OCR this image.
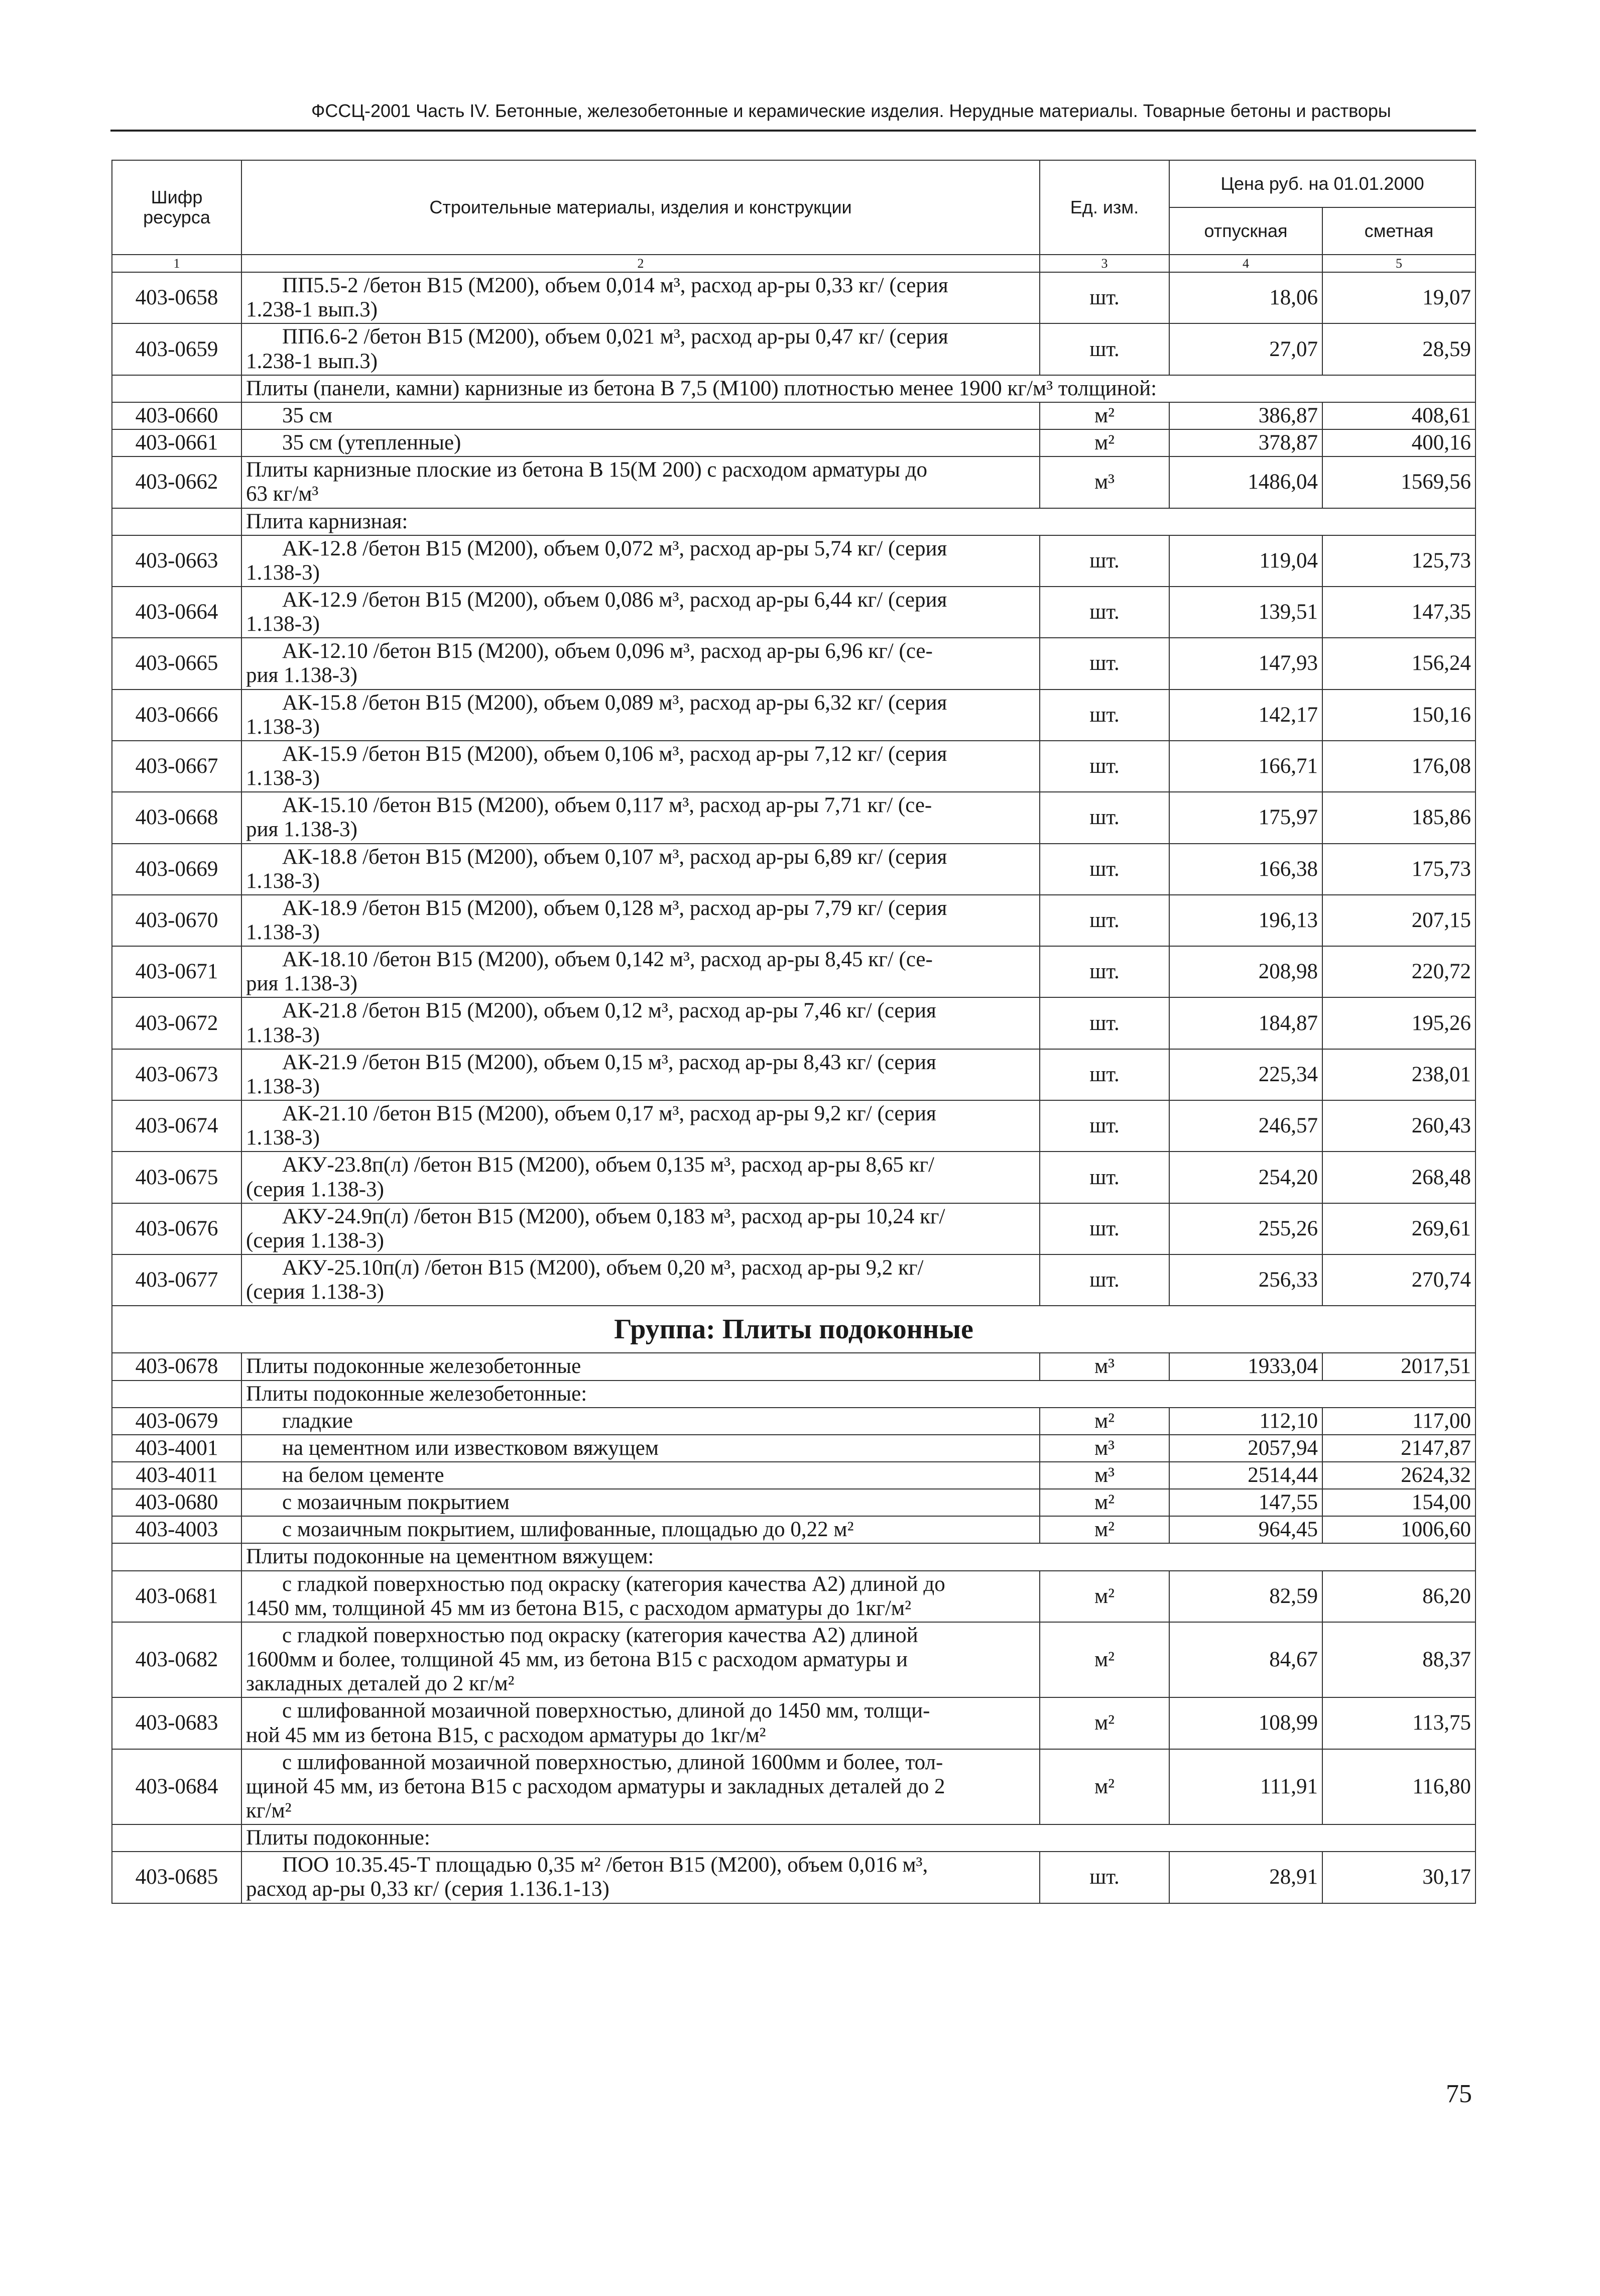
ФССЦ-2001 Часть IV. Бетонные, железобетонные и керамические изделия. Нерудные материалы. Товарные бетоны и растворы
Шифр ресурса	Строительные материалы, изделия и конструкции	Ед. изм.	Цена руб. на 01.01.2000	
			отпускная	сметная
1	2	3	4	5
403-0658	ПП5.5-2 /бетон В15 (М200), объем 0,014 м³, расход ар-ры 0,33 кг/ (серия
1.238-1 вып.3)	шт.	18,06	19,07
403-0659	ПП6.6-2 /бетон В15 (М200), объем 0,021 м³, расход ар-ры 0,47 кг/ (серия
1.238-1 вып.3)	шт.	27,07	28,59
	Плиты (панели, камни) карнизные из бетона В 7,5 (М100) плотностью менее 1900 кг/м³ толщиной:			
403-0660	35 см	м²	386,87	408,61
403-0661	35 см (утепленные)	м²	378,87	400,16
403-0662	Плиты карнизные плоские из бетона В 15(М 200) с расходом арматуры до
63 кг/м³	м³	1486,04	1569,56
	Плита карнизная:			
403-0663	АК-12.8 /бетон В15 (М200), объем 0,072 м³, расход ар-ры 5,74 кг/ (серия
1.138-3)	шт.	119,04	125,73
403-0664	АК-12.9 /бетон В15 (М200), объем 0,086 м³, расход ар-ры 6,44 кг/ (серия
1.138-3)	шт.	139,51	147,35
403-0665	АК-12.10 /бетон В15 (М200), объем 0,096 м³, расход ар-ры 6,96 кг/ (се-
рия 1.138-3)	шт.	147,93	156,24
403-0666	АК-15.8 /бетон В15 (М200), объем 0,089 м³, расход ар-ры 6,32 кг/ (серия
1.138-3)	шт.	142,17	150,16
403-0667	АК-15.9 /бетон В15 (М200), объем 0,106 м³, расход ар-ры 7,12 кг/ (серия
1.138-3)	шт.	166,71	176,08
403-0668	АК-15.10 /бетон В15 (М200), объем 0,117 м³, расход ар-ры 7,71 кг/ (се-
рия 1.138-3)	шт.	175,97	185,86
403-0669	АК-18.8 /бетон В15 (М200), объем 0,107 м³, расход ар-ры 6,89 кг/ (серия
1.138-3)	шт.	166,38	175,73
403-0670	АК-18.9 /бетон В15 (М200), объем 0,128 м³, расход ар-ры 7,79 кг/ (серия
1.138-3)	шт.	196,13	207,15
403-0671	АК-18.10 /бетон В15 (М200), объем 0,142 м³, расход ар-ры 8,45 кг/ (се-
рия 1.138-3)	шт.	208,98	220,72
403-0672	АК-21.8 /бетон В15 (М200), объем 0,12 м³, расход ар-ры 7,46 кг/ (серия
1.138-3)	шт.	184,87	195,26
403-0673	АК-21.9 /бетон В15 (М200), объем 0,15 м³, расход ар-ры 8,43 кг/ (серия
1.138-3)	шт.	225,34	238,01
403-0674	АК-21.10 /бетон В15 (М200), объем 0,17 м³, расход ар-ры 9,2 кг/ (серия
1.138-3)	шт.	246,57	260,43
403-0675	АКУ-23.8п(л) /бетон В15 (М200), объем 0,135 м³, расход ар-ры 8,65 кг/
(серия 1.138-3)	шт.	254,20	268,48
403-0676	АКУ-24.9п(л) /бетон В15 (М200), объем 0,183 м³, расход ар-ры 10,24 кг/
(серия 1.138-3)	шт.	255,26	269,61
403-0677	АКУ-25.10п(л) /бетон В15 (М200), объем 0,20 м³, расход ар-ры 9,2 кг/
(серия 1.138-3)	шт.	256,33	270,74
Группа: Плиты подоконные				
403-0678	Плиты подоконные железобетонные	м³	1933,04	2017,51
	Плиты подоконные железобетонные:			
403-0679	гладкие	м²	112,10	117,00
403-4001	на цементном или известковом вяжущем	м³	2057,94	2147,87
403-4011	на белом цементе	м³	2514,44	2624,32
403-0680	с мозаичным покрытием	м²	147,55	154,00
403-4003	с мозаичным покрытием, шлифованные, площадью до 0,22 м²	м²	964,45	1006,60
	Плиты подоконные на цементном вяжущем:			
403-0681	с гладкой поверхностью под окраску (категория качества А2) длиной до
1450 мм, толщиной 45 мм из бетона В15, с расходом арматуры до 1кг/м²	м²	82,59	86,20
403-0682	с гладкой поверхностью под окраску (категория качества А2) длиной
1600мм и более, толщиной 45 мм, из бетона В15 с расходом арматуры и
закладных деталей до 2 кг/м²	м²	84,67	88,37
403-0683	с шлифованной мозаичной поверхностью, длиной до 1450 мм, толщи-
ной 45 мм из бетона В15, с расходом арматуры до 1кг/м²	м²	108,99	113,75
403-0684	с шлифованной мозаичной поверхностью, длиной 1600мм и более, тол-
щиной 45 мм, из бетона В15 с расходом арматуры и закладных деталей до 2
кг/м²	м²	111,91	116,80
	Плиты подоконные:			
403-0685	ПОО 10.35.45-Т площадью 0,35 м² /бетон В15 (М200), объем 0,016 м³,
расход ар-ры 0,33 кг/ (серия 1.136.1-13)	шт.	28,91	30,17
75
